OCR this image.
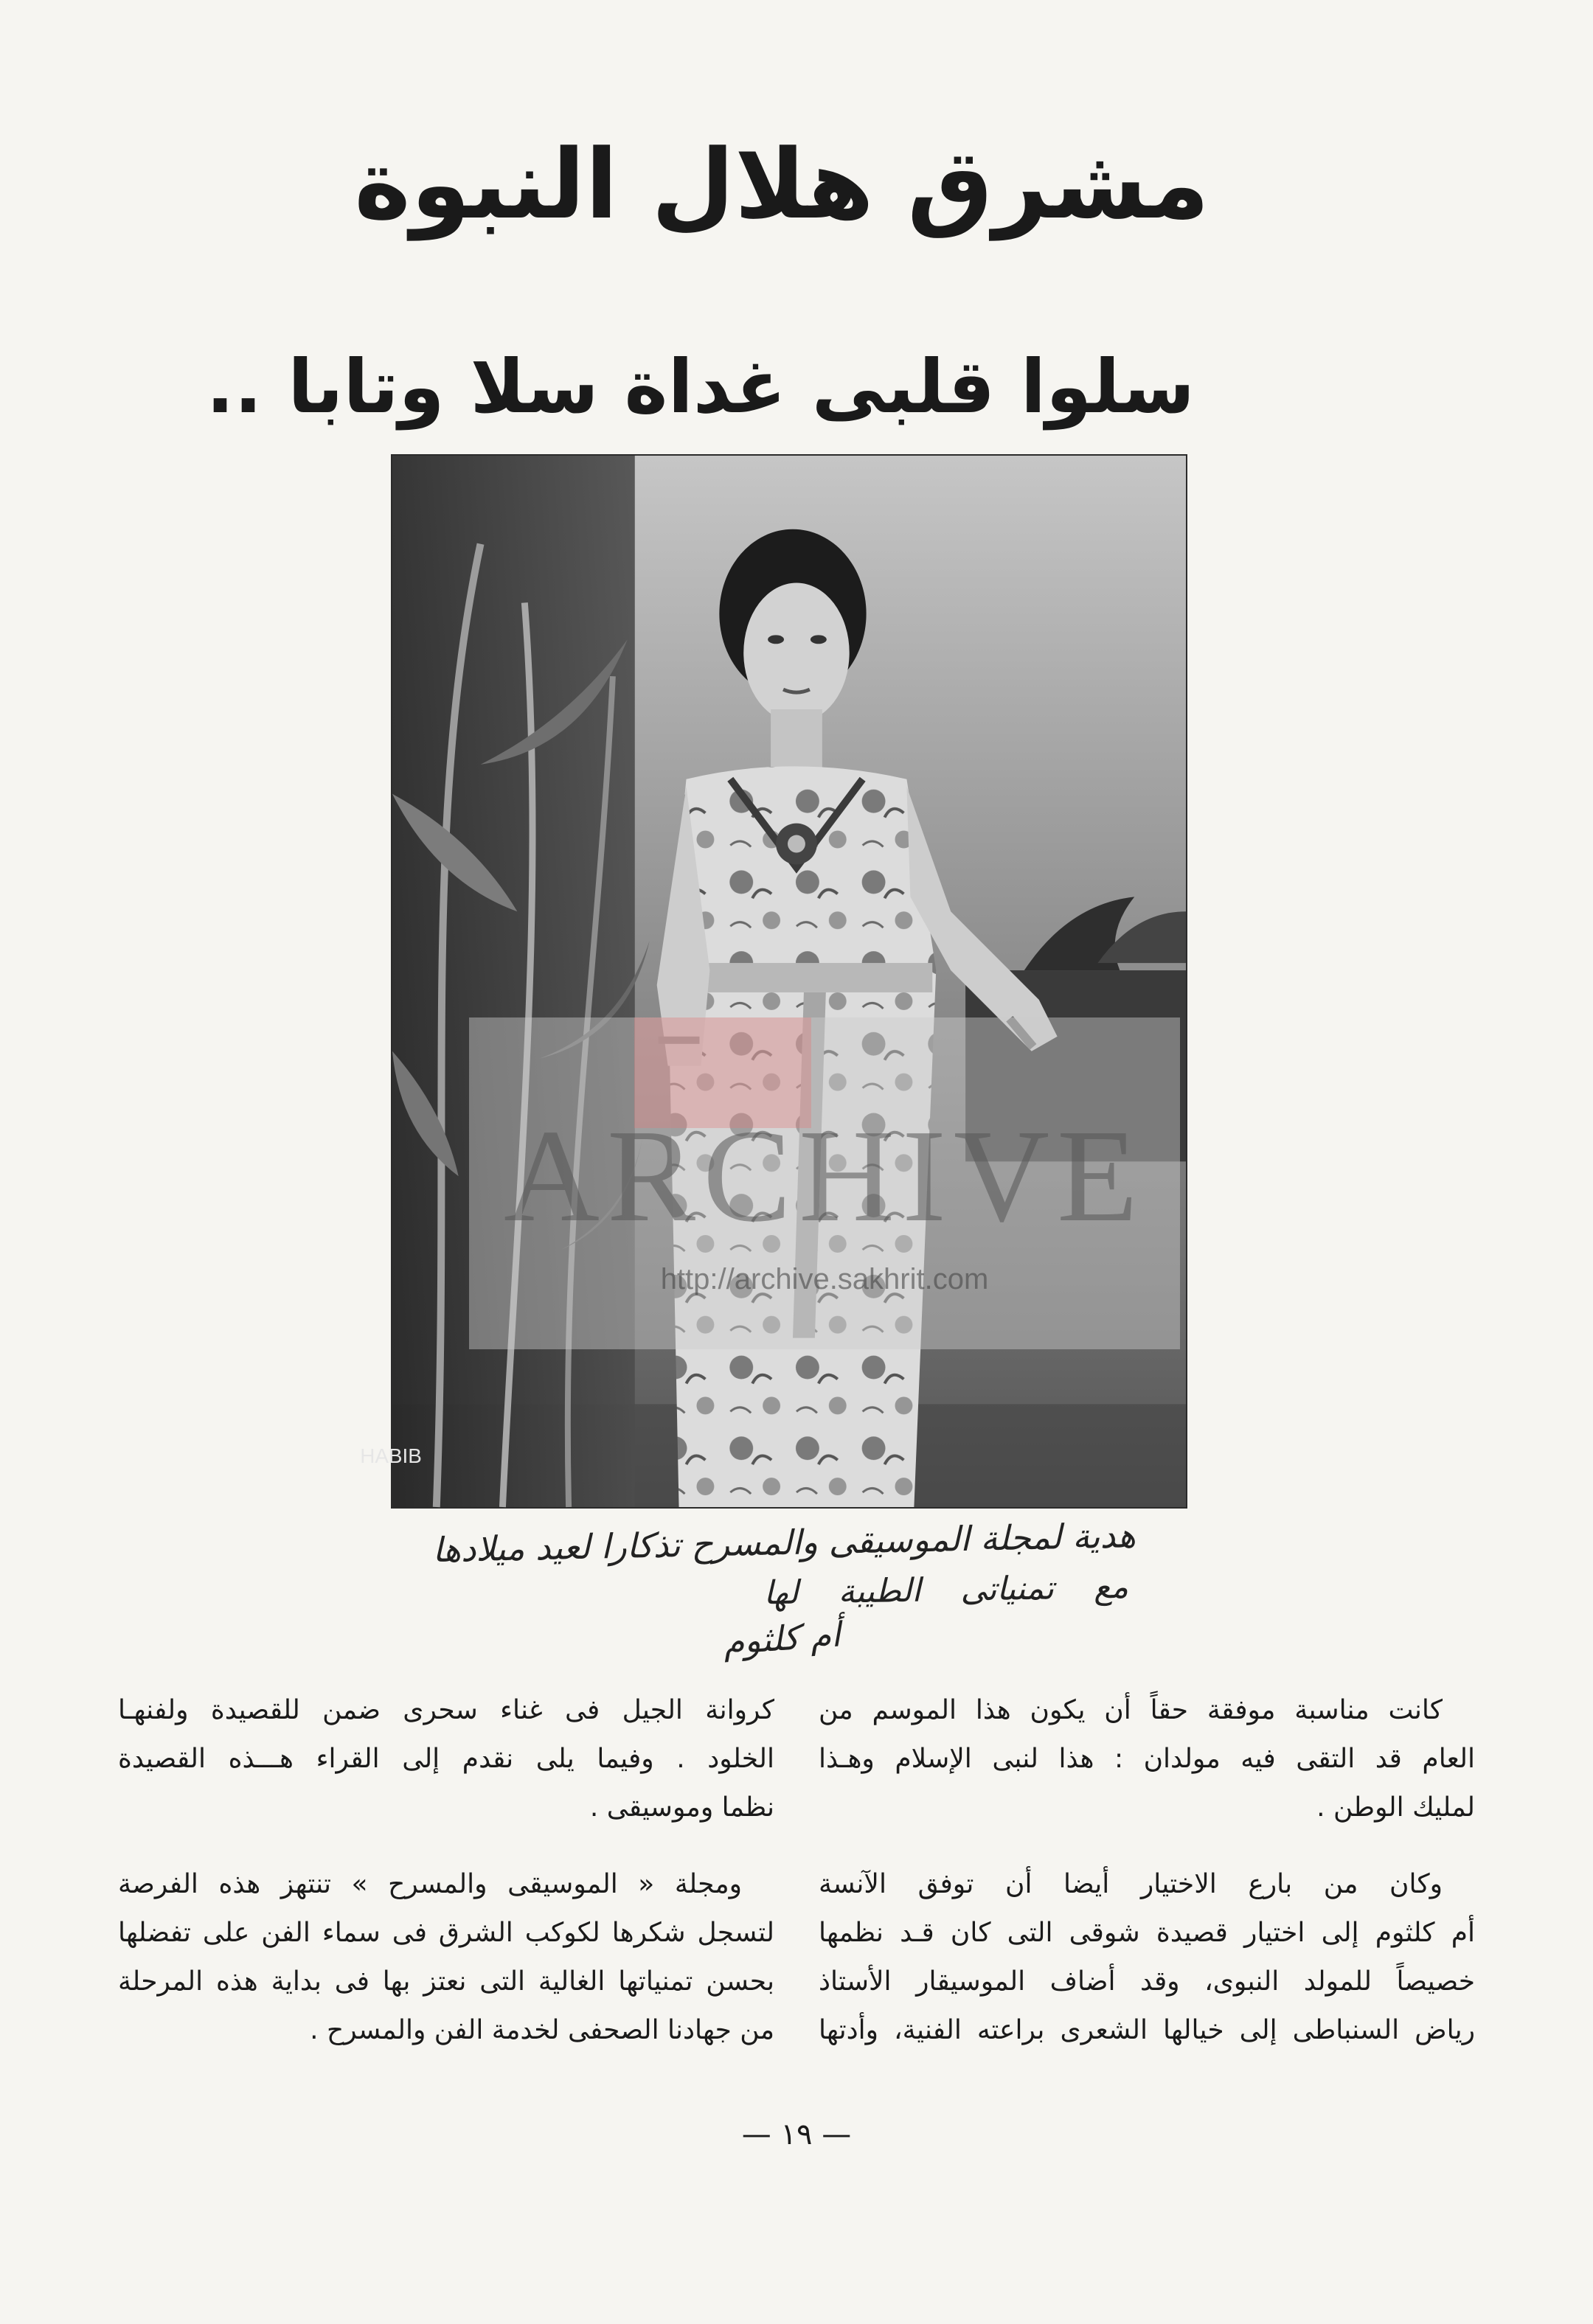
مشرق هلال النبوة
سلوا قلبى غداة سلا وتابا ..
HABIB
ARCHIVE
http://archive.sakhrit.com
هدية لمجلة الموسيقى والمسرح تذكارا لعيد ميلادها
مع تمنياتى الطيبة لها
أم كلثوم
كانت مناسبة موفقة حقاً أن يكون هذا الموسم من
العام قد التقى فيه مولدان : هذا لنبى الإسلام وهـذا
لمليك الوطن .
وكان من بارع الاختيار أيضا أن توفق الآنسة
أم كلثوم إلى اختيار قصيدة شوقى التى كان قـد نظمها
خصيصاً للمولد النبوى، وقد أضاف الموسيقار الأستاذ
رياض السنباطى إلى خيالها الشعرى براعته الفنية، وأدتها
كروانة الجيل فى غناء سحرى ضمن للقصيدة ولفنهـا
الخلود . وفيما يلى نقدم إلى القراء هـــذه القصيدة
نظما وموسيقى .
ومجلة « الموسيقى والمسرح » تنتهز هذه الفرصة
لتسجل شكرها لكوكب الشرق فى سماء الفن على تفضلها
بحسن تمنياتها الغالية التى نعتز بها فى بداية هذه المرحلة
من جهادنا الصحفى لخدمة الفن والمسرح .
— ١٩ —
